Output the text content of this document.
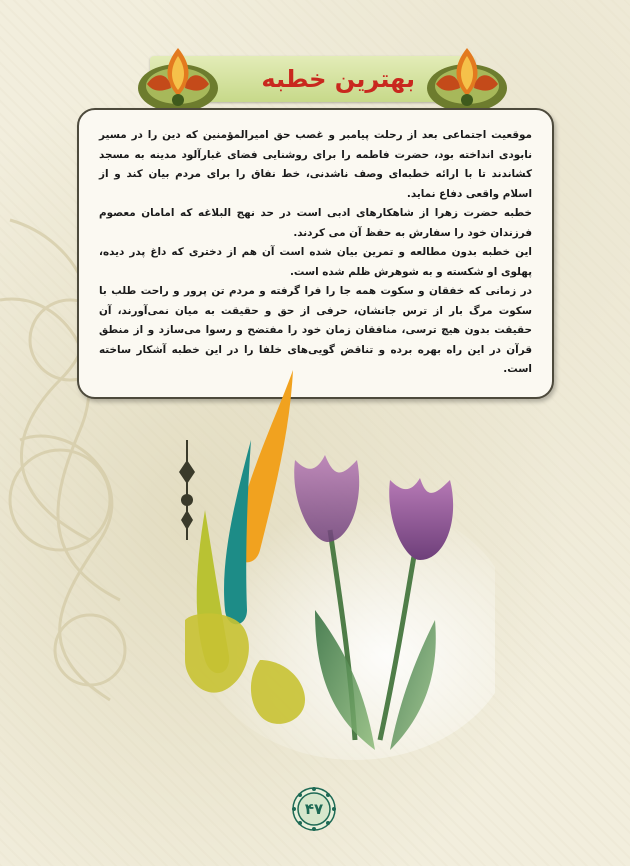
بهترین خطبه

موقعیت اجتماعی بعد از رحلت پیامبر و غصب حق امیرالمؤمنین که دین را در مسیر نابودی انداخته بود، حضرت فاطمه را برای روشنایی فضای غبارآلود مدینه به مسجد کشاندند تا با ارائه خطبه‌ای وصف ناشدنی، خط نفاق را برای مردم بیان کند و از اسلام واقعی دفاع نماید.

خطبه حضرت زهرا از شاهکارهای ادبی است در حد نهج البلاغه که امامان معصوم فرزندان خود را سفارش به حفظ آن می کردند.

این خطبه بدون مطالعه و تمرین بیان شده است آن هم از دختری که داغ پدر دیده، پهلوی او شکسته و به شوهرش ظلم شده است.

در زمانی که خفقان و سکوت همه جا را فرا گرفته و مردم تن پرور و راحت طلب با سکوت مرگ بار از ترس جانشان، حرفی از حق و حقیقت به میان نمی‌آورند، آن حقیقت بدون هیچ ترسی، منافقان زمان خود را مفتضح و رسوا می‌سازد و از منطق قرآن در این راه بهره برده و تناقض گویی‌های خلفا را در این خطبه آشکار ساخته است.

۴۷
